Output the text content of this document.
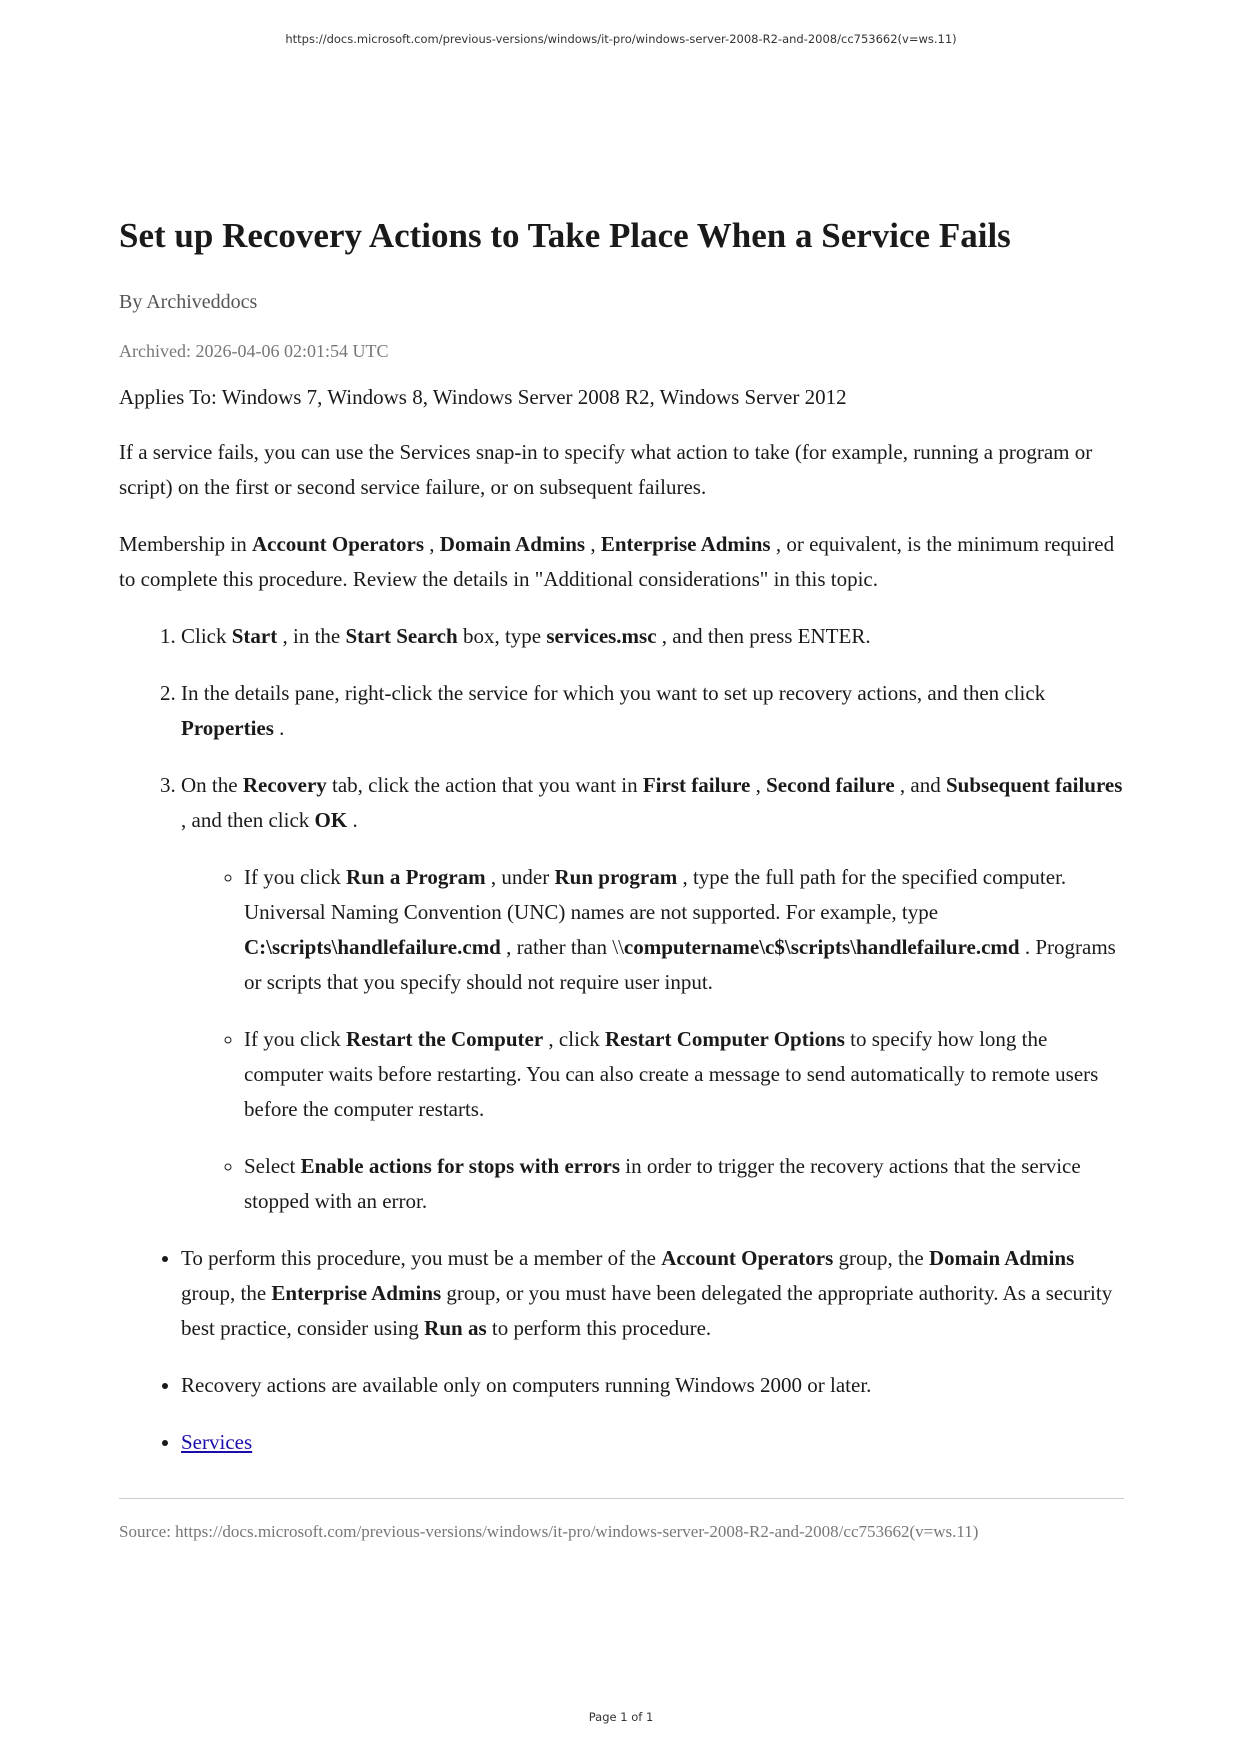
https://docs.microsoft.com/previous-versions/windows/it-pro/windows-server-2008-R2-and-2008/cc753662(v=ws.11)
Set up Recovery Actions to Take Place When a Service Fails
By Archiveddocs
Archived: 2026-04-06 02:01:54 UTC

Applies To: Windows 7, Windows 8, Windows Server 2008 R2, Windows Server 2012

If a service fails, you can use the Services snap-in to specify what action to take (for example, running a program or script) on the first or second service failure, or on subsequent failures.

Membership in Account Operators , Domain Admins , Enterprise Admins , or equivalent, is the minimum required to complete this procedure. Review the details in "Additional considerations" in this topic.

1. Click Start , in the Start Search box, type services.msc , and then press ENTER.
2. In the details pane, right-click the service for which you want to set up recovery actions, and then click Properties .
3. On the Recovery tab, click the action that you want in First failure , Second failure , and Subsequent failures , and then click OK .
◦ If you click Run a Program , under Run program , type the full path for the specified computer. Universal Naming Convention (UNC) names are not supported. For example, type C:\scripts\handlefailure.cmd , rather than \\computername\c$\scripts\handlefailure.cmd . Programs or scripts that you specify should not require user input.
◦ If you click Restart the Computer , click Restart Computer Options to specify how long the computer waits before restarting. You can also create a message to send automatically to remote users before the computer restarts.
◦ Select Enable actions for stops with errors in order to trigger the recovery actions that the service stopped with an error.
• To perform this procedure, you must be a member of the Account Operators group, the Domain Admins group, the Enterprise Admins group, or you must have been delegated the appropriate authority. As a security best practice, consider using Run as to perform this procedure.
• Recovery actions are available only on computers running Windows 2000 or later.
• Services
Source: https://docs.microsoft.com/previous-versions/windows/it-pro/windows-server-2008-R2-and-2008/cc753662(v=ws.11)
Page 1 of 1
